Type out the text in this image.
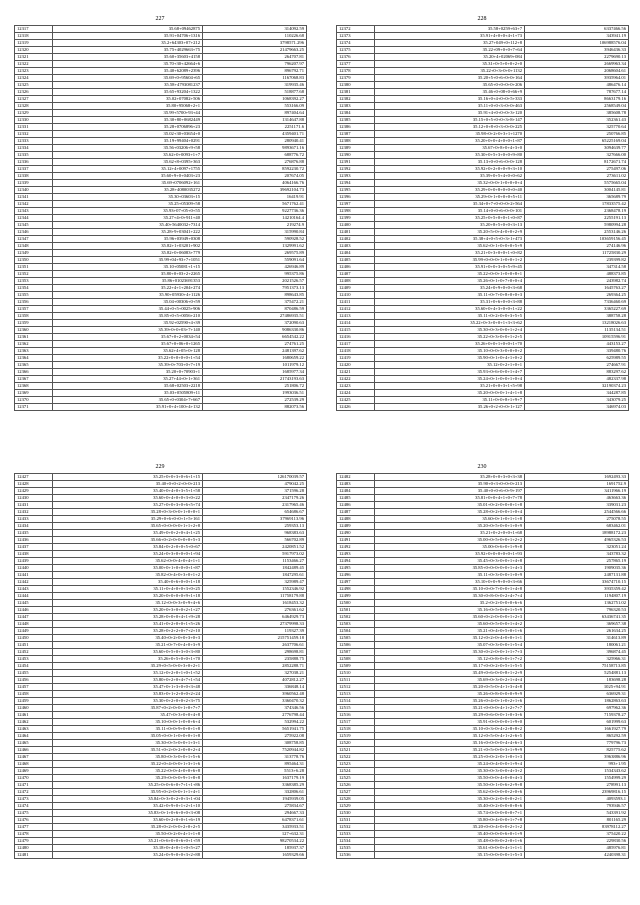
227
12317	35.68+09462875	314092.59
12318	35.91+04706+1316	110226.68
12319	35.2+64303+07+212	3798571.296
12320	35.75+4029663+75	21479663.25
12321	35.60+35603+4158	264707.81
12322	35.70+30+42664+6	796207.97
12323	35.40+62089+2396	896792.71
12324	35.69+0+95604+65	1167068.83
12325	35.58+4793081237	319935.46
12326	35.65+93204+1322	518877.68
12327	35.02+07082+506	1068392.27
12328	35.80+95068+2+1	553166.09
12329	35.99+5700+93+44	897404.64
12330	35.30+80+0682449	1314647.88
12331	35.28+0706896+23	2251171.6
12332	35.02+30+03654+0	4359401.71
12333	35.19+99404+0291	280940.41
12334	35.56+03206+9+58	9893671.16
12335	35.62+0+0093+1+7	688776.72
12336	35.62+8+0395+363	276876.88
12337	35.12+4+0097+1755	8592230.72
12338	35.60+9+0+0403+23	207674.05
12339	35.69+0706092+161	4064166.76
12340	35.28+4080035272	39692104.73
12341	35.30+03603+15	16419.91
12342	35.25+05309+58	5671762.41
12343	35.93+07+05+0+55	9227736.36
12344	35.27+4+0+911+40	14210164.4
12345	35.40+5640032+7314	219274.9
12346	35.28+9+03041+222	315990.84
12347	35.96+03949+0308	590928.52
12348	35.82+1+03201+902	1329991.62
12349	35.82+0+06083+779	269575.89
12350	35.99+04+93+7+1051	559091.64
12351	35.10+05081+1+15	426946.89
12352	35.80+0+03+2+2265	995375.86
12353	35.86+01023691353	2021526.57
12354	35.22+4+1+204+274	7951373.13
12355	35.90+05930+4+1126	898643.85
12356	35.04+00306+0+59	375472.21
12357	35.44+0+5+0025+906	870486.59
12358	35.85+0+5+0056+210	27486935.51
12359	35.92+02590+4+39	372090.63
12360	35.39+0+0+03+7+140	9086330.86
12361	35.67+0+2+0034+54	6654542.22
12362	35.67+0+06+0+1265	274761.25
12363	35.62+4+05+0+128	2481397.62
12364	35.22+0+0+0+0+1+54	1680659.22
12365	35.39+0+703+0+7+19	1011979.12
12366	35.20+0+70903+1	1685977.34
12367	35.27+44+0+1+361	21743193.63
12368	35.68+02503+2218	251806.72
12369	35.03+0505809+11	1993036.51
12370	35.65+0+0304+7+667	272539.29
12371	35.91+0+4+100+4+132	882073.56
228
12372	35.58+0259+63+7	6337466.56
12373	35.91+4+0+0+4+1+73	343941.19
12374	35.27+049+0+112+8	106988576.04
12375	35.22+09+0+0+7+64	3946436.33
12376	35.20+4+02069+084	2279690.13
12377	35.31+0+5+0+0+2+0	2669963.34
12378	35.22+0+3+0+0+1132	2068604.61
12379	35.20+5+0+6+0+0+164	3935964.01
12380	35.65+0+0+0+0+206	486476.14
12381	35.46+0+08+0+66+9	787677.14
12382	35.16+0+4+0+0+5+333	8663179.16
12383	35.11+0+0+3+0+0+463	2568549.04
12384	35.91+4+0+0+0+3+120	385608.78
12385	35.15+0+5+0+0+3+8+147	352361.43
12386	35.12+0+8+0+3+0+0+225	325770.64
12387	35.98+0+2+0+3+1+1270	250766.85
12388	35.20+0+0+4+0+0+1+87	65225169.04
12389	35.67+0+8+0+4+3+0	3094639.77
12390	35.30+0+5+3+0+0+9+80	327666.00
12391	35.13+0+0+6+0+0+128	8172671.74
12392	35.92+0+2+0+0+9+3+10	275497.06
12393	35.39+0+5+4+0+0+62	273611.02
12394	35.32+0+0+1+0+0+0+4	5575665.04
12395	35.29+0+0+8+0+0+0+40	3004145.81
12396	35.29+0+1+0+0+0+5+11	365689.79
12397	35.34+0+7+0+0+0+2+564	17833575.42
12398	35.14+0+0+6+0+0+101	2368478.19
12399	35.25+0+5+0+0+1+0+87	2255191.13
12400	35.20+8+5+0+0+3+13	5980994.28
12401	35.20+5+0+4+0+0+2+9	2553146.26
12402	35.38+4+0+5+0+3+1+473	103659156.45
12403	35.62+0+1+0+0+0+5+9	274146.96
12404	35.21+0+3+0+0+1+0+82	11725830.29
12405	35.99+0+0+0+1+0+0+1+2	239399.82
12406	35.91+0+0+3+0+5+9+45	347314.58
12407	35.22+0+0+1+0+0+8+1	488373.85
12408	35.26+0+1+0+7+0+0+4	243982.74
12409	35.24+0+9+0+0+3+68	1645763.27
12410	35.11+0+7+0+8+0+0+3	269364.25
12411	35.31+0+6+0+0+3+88	7336460.69
12412	35.60+0+4+3+0+0+1+22	3365227.69
12413	35.11+0+2+0+0+3+5+5	388758.28
12414	35.22+0+3+0+0+1+3+3+62	13218026.63
12415	35.30+0+3+0+0+1+2+4	1135134.51
12416	35.22+0+3+0+0+1+2+5	10915596.91
12417	35.26+0+0+1+0+0+1+70	443153.27
12418	35.10+0+0+3+0+0+0+2	339480.76
12419	35.90+0+1+0+4+1+0+2	625989.55
12420	35.12+0+2+1+0+1	274667.91
12421	35.93+0+6+0+0+1+4+7	883297.62
12422	35.24+0+1+0+0+1+0+4	482337.98
12423	35.21+0+0+3+1+5+98	32190374.23
12424	35.20+0+0+0+1+4+1+8	344287.85
12425	35.11+0+0+8+1+9+7	343079.25
12426	35.26+0+2+0+0+1+127	346974.03
229
12427	35.25+0+0+3+0+6+1+15	126170039.57
12428	35.40+0+0+2+0+0+213	479042.25
12429	35.40+0+4+0+3+5+1+58	371596.28
12430	35.60+0+4+0+0+3+0+22	2347179.26
12431	35.27+0+0+3+0+6+5+74	2317965.46
12432	35.28+0+3+0+0+1+0+0+1	654686.67
12433	35.29+0+6+0+0+1+5+161	37969113.96
12434	35.65+0+0+0+0+1+1+2+8	259353.13
12435	35.49+0+0+2+0+4+1+25	968383.63
12436	35.66+0+2+0+0+0+0+5+3	566702.89
12437	35.84+0+2+0+0+5+0+67	2420851.52
12438	35.24+0+3+0+0+0+1+94	5917973.02
12439	35.62+0+0+4+0+4+1+1	1153466.27
12440	35.00+0+1+0+0+0+1+87	1842489.45
12441	35.82+0+4+0+3+0+1+2	1847295.61
12442	35.40+0+6+0+0+1+18	325989.47
12443	35.11+0+4+0+0+3+0+25	1552346.92
12444	35.20+0+0+0+0+9+1+18	11758179.88
12445	35.12+0+0+3+0+9+4+6	1618453.32
12446	35.20+0+3+0+0+2+1+27	276361.62
12447	35.28+0+0+0+4+1+9+28	6464929.73
12448	35.41+0+2+0+0+1+5+26	27379998.33
12449	35.28+0+2+2+0+7+2+10	119327.39
12450	35.40+0+2+0+0+3+0+3	215751459.18
12451	35.21+0+7+0+4+0+3+9	2637706.61
12452	35.60+0+5+0+3+0+3+80	298698.81
12453	35.26+0+5+0+0+1+70	235888.75
12454	35.29+0+5+0+0+3+0+2+1	2852288.71
12455	35.12+0+2+0+1+0+1+52	327038.21
12456	35.80+0+2+0+4+7+1+54	4072812.27
12457	35.47+0+1+3+0+0+3+48	336848.14
12458	35.83+0+1+2+0+0+2+24	3960562.48
12459	35.30+0+2+0+0+2+3+75	3360470.32
12460	35.87+0+2+0+0+1+0+7+7	374346.56
12461	35.47+0+3+0+0+4+8	2776798.44
12462	35.10+0+0+1+0+0+6+4	532994.22
12463	35.11+0+0+9+0+0+1+8	5651941.75
12464	35.05+0+0+1+0+0+0+1+8	275922.08
12465	35.30+0+5+0+0+1+3+1	308758.85
12466	35.51+0+2+0+2+0+0+2+4	7520944.82
12467	35.80+0+3+0+0+1+5+6	313778.76
12468	35.22+0+4+0+0+1+3+1+6	895464.31
12469	35.22+0+0+4+0+0+6+8	5513+6.28
12470	35.29+0+0+0+9+1+8+8	1637179.19
12471	35.25+0+0+6+0+7+1+1+86	3368385.29
12472	35.95+0+2+0+0+1+1+4+1	332806.61
12473	35.84+0+3+0+2+0+3+1+04	1945939.05
12474	35.42+0+9+0+1+2+1+10	275834.67
12475	35.83+0+1+0+6+0+0+3+08	294667.33
12476	35.60+0+2+0+0+1+6+19	6478371.61
12477	35.28+0+2+0+0+2+0+2+5	3435933.51
12478	35.50+0+2+0+4+1+1+8	127+632.31
12479	35.21+0+6+0+0+6+0+1+59	98270534.22
12480	35.18+0+4+0+1+0+5+27	185937.37
12481	35.24+0+9+0+0+3+2+88	1659329.66
230
12482	35.28+0+0+3+0+3+38	1692493.33
12483	35.90+0+3+0+0+0+213	1691752.9
12484	35.40+0+0+6+0+9+197	3411966.19
12485	35.81+0+0+4+1+0+7+78	463663.36
12486	35.01+0+2+0+0+0+1+8	339031.23
12487	35.28+0+2+0+0+1+0+4	2544566.66
12488	35.60+0+1+0+1+1+8	275078.55
12489	35.20+0+5+0+0+1+0+9	683462.01
12490	35.21+0+2+0+0+1+68	18988172.23
12491	35.00+0+5+0+0+1+2+2	4965326.53
12492	35.00+0+6+0+1+9+8	323051.24
12493	35.92+0+0+0+0+0+1+93	343783.32
12494	35.45+0+3+0+0+1+4+8	257865.19
12495	35.85+0+0+0+0+0+1+4+3	1909035.36
12496	35.11+0+3+0+0+1+0+9	2487131.88
12497	35.10+0+0+9+0+0+3+66	33674710.15
12498	35.10+0+0+7+0+0+1+4+8	3935359.42
12499	35.30+0+8+0+0+2+4+7+4	1194807.19
12500	35.2+0+2+0+0+0+6+6	1362751.02
12501	35.16+0+5+0+0+1+5+9	796320.53
12502	35.60+0+2+0+0+0+1+2+3	63436741.35
12503	35.60+0+5+0+0+1+4+2	369657.38
12504	35.21+0+4+0+5+0+1+6	261634.25
12505	35.12+0+2+0+4+0+0+1+1	314613.89
12506	35.07+0+3+0+0+1+5+4	180061.21
12507	35.30+0+2+0+0+1+1+7+3	396874.45
12508	35.12+0+8+0+0+1+7+2	325966.31
12509	35.17+0+0+2+0+5+1+5+5	75158713.85
12510	35.49+0+6+0+0+8+1+2+9	5254881.13
12511	35.69+0+3+0+2+1+4+4	183698.28
12512	35.20+0+5+0+4+1+3+4+8	1025+94.91
12513	35.26+0+8+0+0+0+9+9	636929.31
12514	35.26+0+4+0+1+0+2+1+6	1862863.63
12515	35.21+0+0+0+4+1+2+7+7	697962.36
12516	35.29+0+6+0+0+1+0+3+6	7159378.27
12517	35.91+0+0+0+0+1+9+0	601999.63
12518	35.10+0+3+0+4+2+8+8+2	1661927.79
12519	35.12+0+5+0+4+1+2+6+5	865292.59
12520	35.16+0+0+0+0+4+4+6+3	779796.73
12521	35.21+0+5+0+0+3+1+9+9	825775.62
12522	35.25+0+0+2+0+1+0+1+3	3963886.96
12523	35.24+0+4+0+0+1+9+4	993+1.95
12524	35.30+0+3+0+0+4+3+2	1534343.62
12525	35.50+0+0+4+0+0+4+3	1554999.29
12526	35.50+0+1+0+6+2+9+8	278991.13
12527	35.62+0+0+0+0+2+0+6	23969816.15
12528	35.30+0+2+0+0+0+2+1	4093593.1
12529	35.40+0+2+0+0+0+8+6	793946.57
12530	35.74+0+0+0+0+0+7+1	543391.92
12531	35.80+0+4+0+0+1+7+8	801165.29
12532	35.20+0+0+4+0+0+2+1+2	83978112.27
12533	35.40+0+0+0+6+0+1+9	375420.22
12534	35.48+0+8+0+2+0+1+6	229830.56
12535	35.61+0+0+0+4+1+1+1	485976.81
12536	35.15+0+0+0+0+1+5+3	4240398.31
